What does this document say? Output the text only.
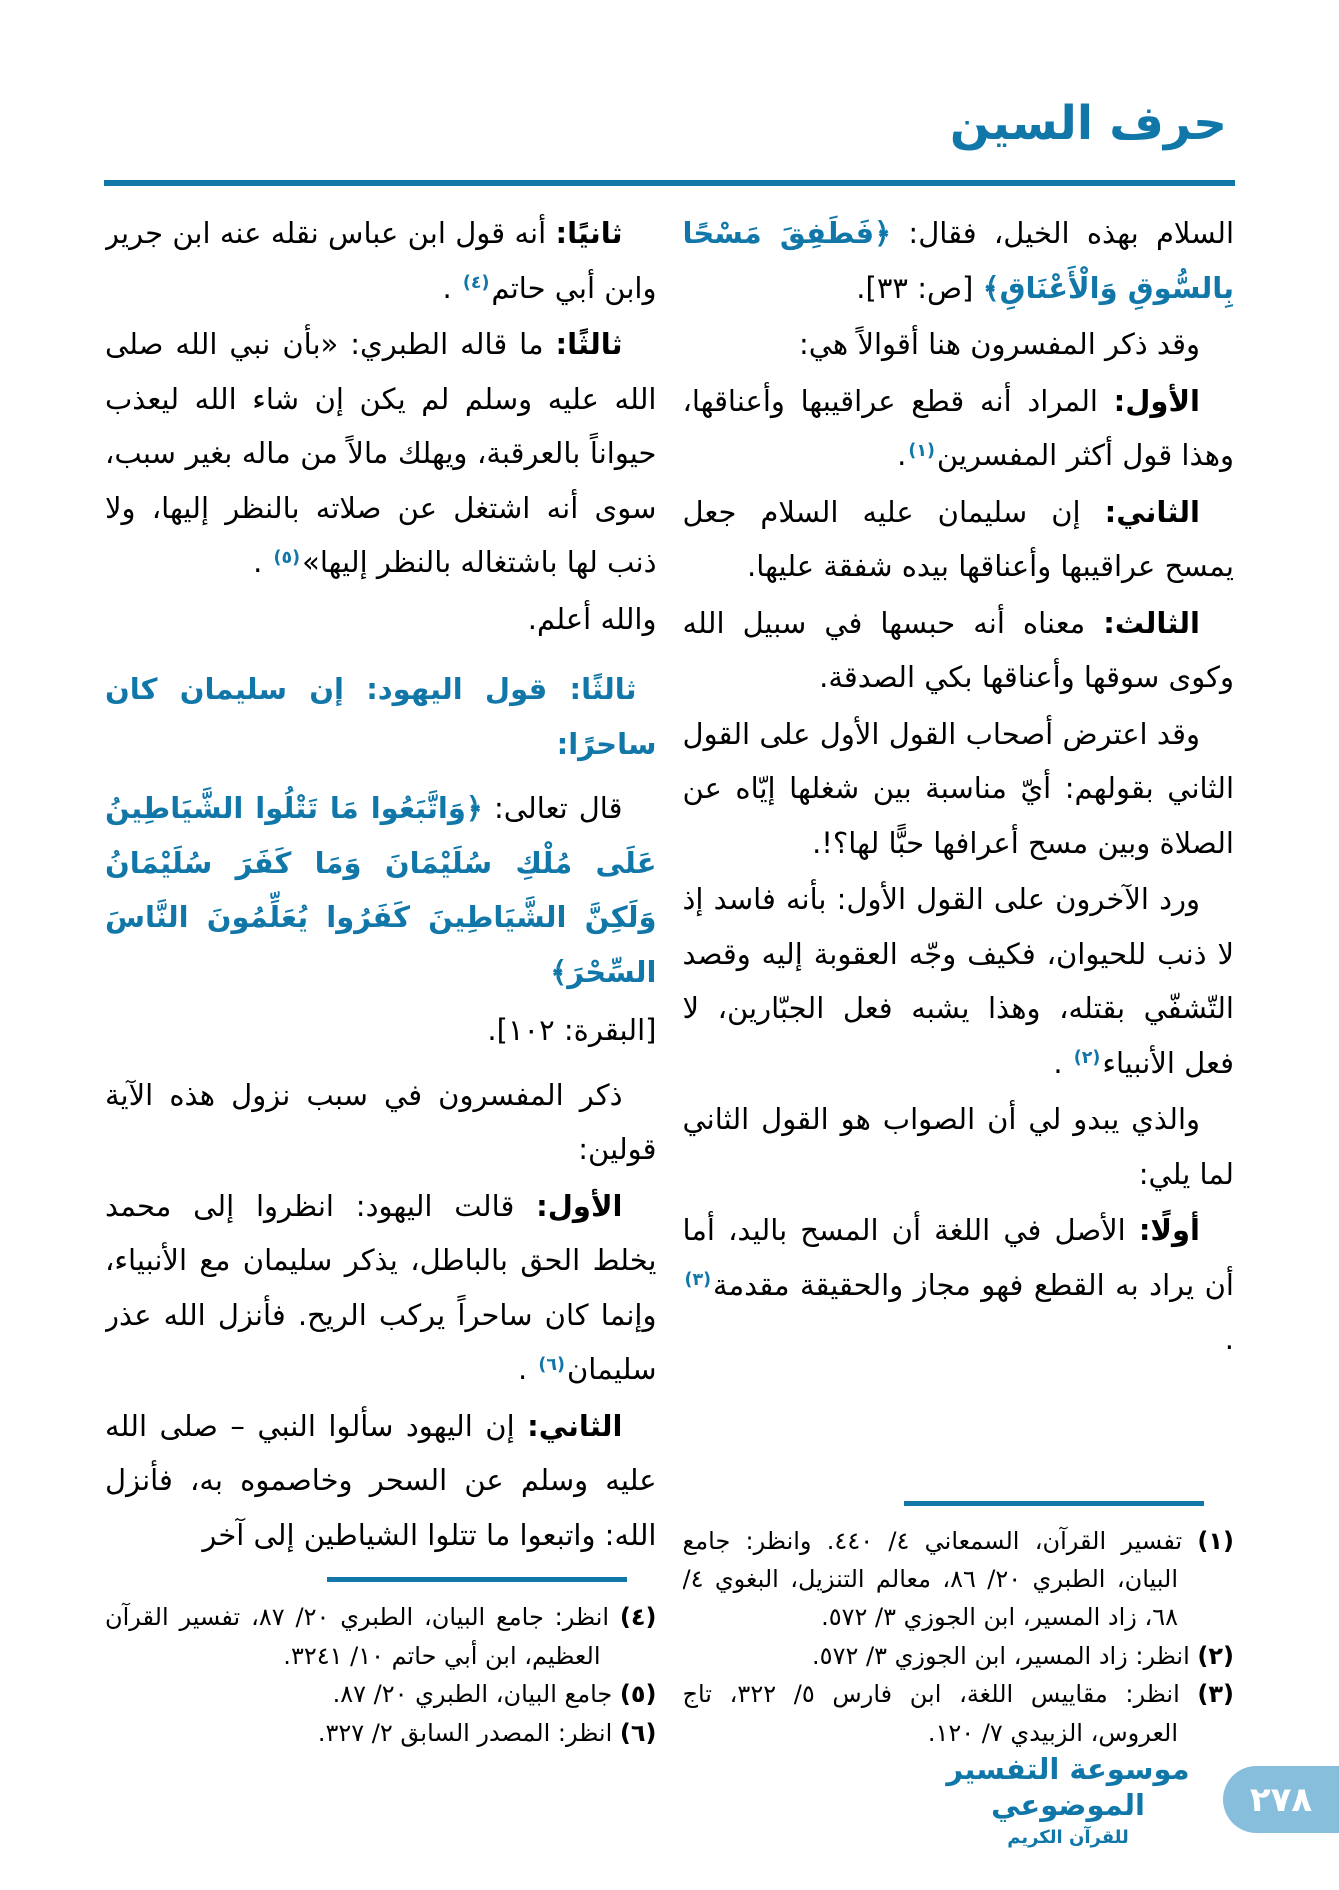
حرف السين

السلام بهذه الخيل، فقال: ﴿فَطَفِقَ مَسْحًا بِالسُّوقِ وَالْأَعْنَاقِ﴾ [ص: ٣٣].

وقد ذكر المفسرون هنا أقوالاً هي:

الأول: المراد أنه قطع عراقيبها وأعناقها، وهذا قول أكثر المفسرين$^{(١)}$.

الثاني: إن سليمان عليه السلام جعل يمسح عراقيبها وأعناقها بيده شفقة عليها.

الثالث: معناه أنه حبسها في سبيل الله وكوى سوقها وأعناقها بكي الصدقة.

وقد اعترض أصحاب القول الأول على القول الثاني بقولهم: أيّ مناسبة بين شغلها إيّاه عن الصلاة وبين مسح أعرافها حبًّا لها؟!.

ورد الآخرون على القول الأول: بأنه فاسد إذ لا ذنب للحيوان، فكيف وجّه العقوبة إليه وقصد التّشفّي بقتله، وهذا يشبه فعل الجبّارين، لا فعل الأنبياء$^{(٢)}$ .

والذي يبدو لي أن الصواب هو القول الثاني لما يلي:

أولًا: الأصل في اللغة أن المسح باليد، أما أن يراد به القطع فهو مجاز والحقيقة مقدمة$^{(٣)}$ .

(١) تفسير القرآن، السمعاني ٤/ ٤٤٠. وانظر: جامع البيان، الطبري ٢٠/ ٨٦، معالم التنزيل، البغوي ٤/ ٦٨، زاد المسير، ابن الجوزي ٣/ ٥٧٢.
(٢) انظر: زاد المسير، ابن الجوزي ٣/ ٥٧٢.
(٣) انظر: مقاييس اللغة، ابن فارس ٥/ ٣٢٢، تاج العروس، الزبيدي ٧/ ١٢٠.

ثانيًا: أنه قول ابن عباس نقله عنه ابن جرير وابن أبي حاتم$^{(٤)}$ .

ثالثًا: ما قاله الطبري: «بأن نبي الله صلى الله عليه وسلم لم يكن إن شاء الله ليعذب حيواناً بالعرقبة، ويهلك مالاً من ماله بغير سبب، سوى أنه اشتغل عن صلاته بالنظر إليها، ولا ذنب لها باشتغاله بالنظر إليها»$^{(٥)}$ .

والله أعلم.

ثالثًا: قول اليهود: إن سليمان كان ساحرًا:

قال تعالى: ﴿وَاتَّبَعُوا مَا تَتْلُوا الشَّيَاطِينُ عَلَى مُلْكِ سُلَيْمَانَ وَمَا كَفَرَ سُلَيْمَانُ وَلَكِنَّ الشَّيَاطِينَ كَفَرُوا يُعَلِّمُونَ النَّاسَ السِّحْرَ﴾

[البقرة: ١٠٢].

ذكر المفسرون في سبب نزول هذه الآية قولين:

الأول: قالت اليهود: انظروا إلى محمد يخلط الحق بالباطل، يذكر سليمان مع الأنبياء، وإنما كان ساحراً يركب الريح. فأنزل الله عذر سليمان$^{(٦)}$ .

الثاني: إن اليهود سألوا النبي – صلى الله عليه وسلم عن السحر وخاصموه به، فأنزل الله: واتبعوا ما تتلوا الشياطين إلى آخر

(٤) انظر: جامع البيان، الطبري ٢٠/ ٨٧، تفسير القرآن العظيم، ابن أبي حاتم ١٠/ ٣٢٤١.
(٥) جامع البيان، الطبري ٢٠/ ٨٧.
(٦) انظر: المصدر السابق ٢/ ٣٢٧.
موسوعة التفسير الموضوعي
للقرآن الكريم
٢٧٨
